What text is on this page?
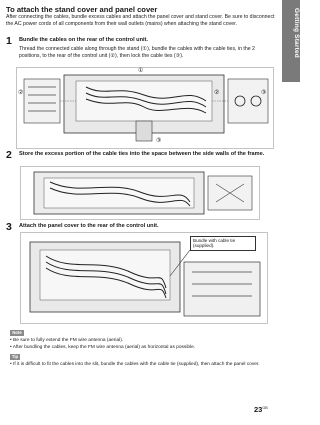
Getting Started
To attach the stand cover and panel cover
After connecting the cables, bundle excess cables and attach the panel cover and stand cover. Be sure to disconnect the AC power cords of all components from their wall outlets (mains) when attaching the stand cover.
1 Bundle the cables on the rear of the control unit.
Thread the connected cable along through the stand (①), bundle the cables with the cable ties, in the 2 positions, to the rear of the control unit (②), then lock the cable ties (③).
①
②	②	③
③
2 Store the excess portion of the cable ties into the space between the side walls of the frame.
3 Attach the panel cover to the rear of the control unit.
Bundle with cable tie (supplied).
Note
• Be sure to fully extend the FM wire antenna (aerial).
• After bundling the cables, keep the FM wire antenna (aerial) as horizontal as possible.
Tip
• If it is difficult to fit the cables into the slit, bundle the cables with the cable tie (supplied), then attach the panel cover.
$23^{GB}$
